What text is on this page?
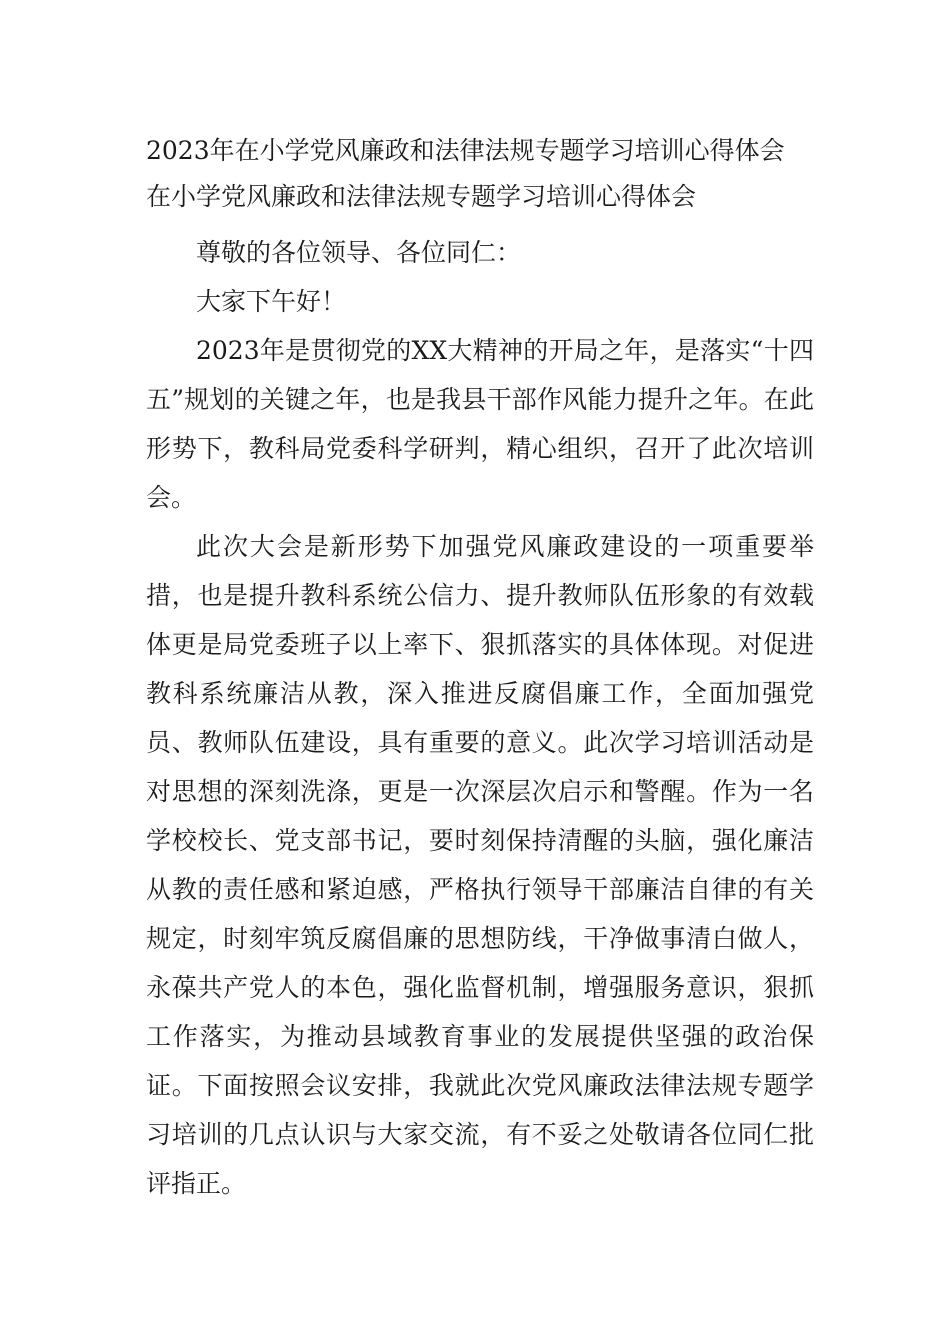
2023年在小学党风廉政和法律法规专题学习培训心得体会

在小学党风廉政和法律法规专题学习培训心得体会

尊敬的各位领导、各位同仁：

大家下午好！

2023年是贯彻党的XX大精神的开局之年，是落实“十四五”规划的关键之年，也是我县干部作风能力提升之年。在此形势下，教科局党委科学研判，精心组织，召开了此次培训会。

此次大会是新形势下加强党风廉政建设的一项重要举措，也是提升教科系统公信力、提升教师队伍形象的有效载体更是局党委班子以上率下、狠抓落实的具体体现。对促进教科系统廉洁从教，深入推进反腐倡廉工作，全面加强党员、教师队伍建设，具有重要的意义。此次学习培训活动是对思想的深刻洗涤，更是一次深层次启示和警醒。作为一名学校校长、党支部书记，要时刻保持清醒的头脑，强化廉洁从教的责任感和紧迫感，严格执行领导干部廉洁自律的有关规定，时刻牢筑反腐倡廉的思想防线，干净做事清白做人，永葆共产党人的本色，强化监督机制，增强服务意识，狠抓工作落实，为推动县域教育事业的发展提供坚强的政治保证。下面按照会议安排，我就此次党风廉政法律法规专题学习培训的几点认识与大家交流，有不妥之处敬请各位同仁批评指正。
